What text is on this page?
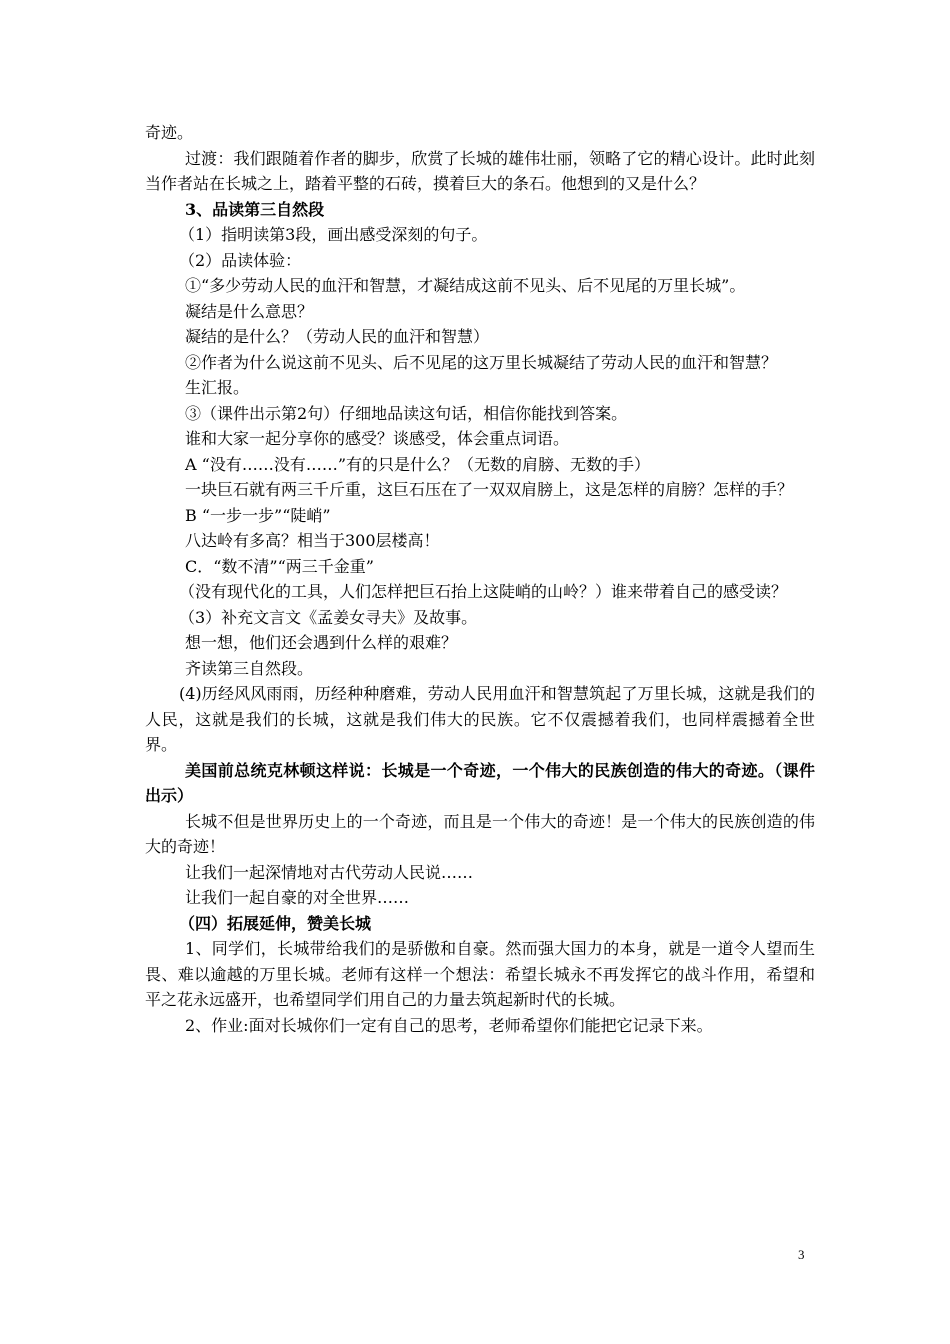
奇迹。

过渡：我们跟随着作者的脚步，欣赏了长城的雄伟壮丽，领略了它的精心设计。此时此刻当作者站在长城之上，踏着平整的石砖，摸着巨大的条石。他想到的又是什么？

3、品读第三自然段

（1）指明读第3段，画出感受深刻的句子。

（2）品读体验：

①“多少劳动人民的血汗和智慧，才凝结成这前不见头、后不见尾的万里长城”。

凝结是什么意思？

凝结的是什么？（劳动人民的血汗和智慧）

②作者为什么说这前不见头、后不见尾的这万里长城凝结了劳动人民的血汗和智慧？

生汇报。

③（课件出示第2句）仔细地品读这句话，相信你能找到答案。

谁和大家一起分享你的感受？谈感受，体会重点词语。

A “没有……没有……”有的只是什么？（无数的肩膀、无数的手）

一块巨石就有两三千斤重，这巨石压在了一双双肩膀上，这是怎样的肩膀？怎样的手？

B “一步一步”“陡峭”

八达岭有多高？相当于300层楼高！

C．“数不清”“两三千金重”

（没有现代化的工具，人们怎样把巨石抬上这陡峭的山岭？）谁来带着自己的感受读？

（3）补充文言文《孟姜女寻夫》及故事。

想一想，他们还会遇到什么样的艰难？

齐读第三自然段。

(4)历经风风雨雨，历经种种磨难，劳动人民用血汗和智慧筑起了万里长城，这就是我们的人民，这就是我们的长城，这就是我们伟大的民族。它不仅震撼着我们，也同样震撼着全世界。

美国前总统克林顿这样说：长城是一个奇迹，一个伟大的民族创造的伟大的奇迹。（课件出示）

长城不但是世界历史上的一个奇迹，而且是一个伟大的奇迹！是一个伟大的民族创造的伟大的奇迹！

让我们一起深情地对古代劳动人民说……

让我们一起自豪的对全世界……

（四）拓展延伸，赞美长城

1、同学们，长城带给我们的是骄傲和自豪。然而强大国力的本身，就是一道令人望而生畏、难以逾越的万里长城。老师有这样一个想法：希望长城永不再发挥它的战斗作用，希望和平之花永远盛开，也希望同学们用自己的力量去筑起新时代的长城。

2、作业:面对长城你们一定有自己的思考，老师希望你们能把它记录下来。

3
